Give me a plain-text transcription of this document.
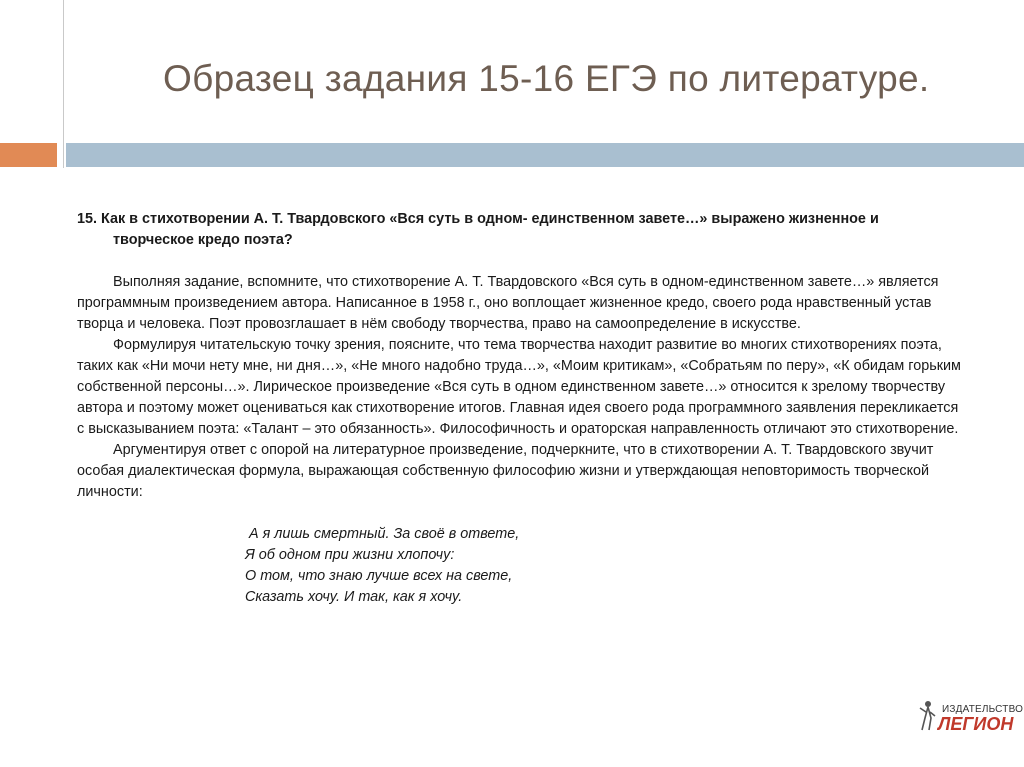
Образец задания 15-16 ЕГЭ по литературе.
15. Как в стихотворении А. Т. Твардовского «Вся суть в одном- единственном завете…» выражено жизненное и
творческое кредо поэта?

Выполняя задание, вспомните, что стихотворение А. Т. Твардовского «Вся суть в одном-единственном завете…» является программным произведением автора. Написанное в 1958 г., оно воплощает жизненное кредо, своего рода нравственный устав творца и человека. Поэт провозглашает в нём свободу творчества, право на самоопределение в искусстве.

Формулируя читательскую точку зрения, поясните, что тема творчества находит развитие во многих стихотворениях поэта, таких как «Ни мочи нету мне, ни дня…», «Не много надобно труда…», «Моим критикам», «Собратьям по перу», «К обидам горьким собственной персоны…». Лирическое произведение «Вся суть в одном единственном завете…» относится к зрелому творчеству автора и поэтому может оцениваться как стихотворение итогов. Главная идея своего рода программного заявления перекликается с высказыванием поэта: «Талант – это обязанность». Философичность и ораторская направленность отличают это стихотворение.

Аргументируя ответ с опорой на литературное произведение, подчеркните, что в стихотворении А. Т. Твардовского звучит особая диалектическая формула, выражающая собственную философию жизни и утверждающая неповторимость творческой личности:

А я лишь смертный. За своё в ответе,
Я об одном при жизни хлопочу:
О том, что знаю лучше всех на свете,
Сказать хочу. И так, как я хочу.
ИЗДАТЕЛЬСТВО
ЛЕГИОН
